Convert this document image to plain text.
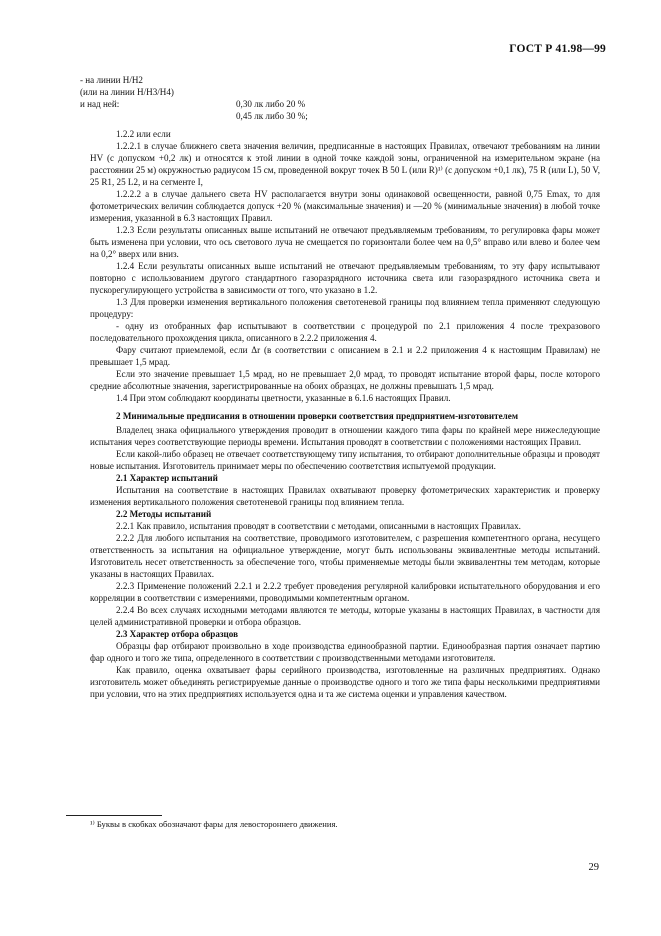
ГОСТ Р 41.98—99
- на линии H/H2
(или на линии H/H3/H4)
и над ней:	0,30 лк либо 20 %
0,45 лк либо 30 %;
1.2.2 или если
1.2.2.1 в случае ближнего света значения величин, предписанные в настоящих Правилах, отвечают требованиям на линии HV (с допуском +0,2 лк) и относятся к этой линии в одной точке каждой зоны, ограниченной на измерительном экране (на расстоянии 25 м) окружностью радиусом 15 см, проведенной вокруг точек B 50 L (или R)¹⁾ (с допуском +0,1 лк), 75 R (или L), 50 V, 25 R1, 25 L2, и на сегменте I,
1.2.2.2 а в случае дальнего света HV располагается внутри зоны одинаковой освещенности, равной 0,75 Emax, то для фотометрических величин соблюдается допуск +20 % (максимальные значения) и —20 % (минимальные значения) в любой точке измерения, указанной в 6.3 настоящих Правил.
1.2.3 Если результаты описанных выше испытаний не отвечают предъявляемым требованиям, то регулировка фары может быть изменена при условии, что ось светового луча не смещается по горизонтали более чем на 0,5° вправо или влево и более чем на 0,2° вверх или вниз.
1.2.4 Если результаты описанных выше испытаний не отвечают предъявляемым требованиям, то эту фару испытывают повторно с использованием другого стандартного газоразрядного источника света или газоразрядного источника света и пускорегулирующего устройства в зависимости от того, что указано в 1.2.
1.3 Для проверки изменения вертикального положения светотеневой границы под влиянием тепла применяют следующую процедуру:
- одну из отобранных фар испытывают в соответствии с процедурой по 2.1 приложения 4 после трехразового последовательного прохождения цикла, описанного в 2.2.2 приложения 4.
Фару считают приемлемой, если Δr (в соответствии с описанием в 2.1 и 2.2 приложения 4 к настоящим Правилам) не превышает 1,5 мрад.
Если это значение превышает 1,5 мрад, но не превышает 2,0 мрад, то проводят испытание второй фары, после которого средние абсолютные значения, зарегистрированные на обоих образцах, не должны превышать 1,5 мрад.
1.4 При этом соблюдают координаты цветности, указанные в 6.1.6 настоящих Правил.
2 Минимальные предписания в отношении проверки соответствия предприятием-изготовителем
Владелец знака официального утверждения проводит в отношении каждого типа фары по крайней мере нижеследующие испытания через соответствующие периоды времени. Испытания проводят в соответствии с положениями настоящих Правил.
Если какой-либо образец не отвечает соответствующему типу испытания, то отбирают дополнительные образцы и проводят новые испытания. Изготовитель принимает меры по обеспечению соответствия испытуемой продукции.
2.1 Характер испытаний
Испытания на соответствие в настоящих Правилах охватывают проверку фотометрических характеристик и проверку изменения вертикального положения светотеневой границы под влиянием тепла.
2.2 Методы испытаний
2.2.1 Как правило, испытания проводят в соответствии с методами, описанными в настоящих Правилах.
2.2.2 Для любого испытания на соответствие, проводимого изготовителем, с разрешения компетентного органа, несущего ответственность за испытания на официальное утверждение, могут быть использованы эквивалентные методы испытаний. Изготовитель несет ответственность за обеспечение того, чтобы применяемые методы были эквивалентны тем методам, которые указаны в настоящих Правилах.
2.2.3 Применение положений 2.2.1 и 2.2.2 требует проведения регулярной калибровки испытательного оборудования и его корреляции в соответствии с измерениями, проводимыми компетентным органом.
2.2.4 Во всех случаях исходными методами являются те методы, которые указаны в настоящих Правилах, в частности для целей административной проверки и отбора образцов.
2.3 Характер отбора образцов
Образцы фар отбирают произвольно в ходе производства единообразной партии. Единообразная партия означает партию фар одного и того же типа, определенного в соответствии с производственными методами изготовителя.
Как правило, оценка охватывает фары серийного производства, изготовленные на различных предприятиях. Однако изготовитель может объединять регистрируемые данные о производстве одного и того же типа фары несколькими предприятиями при условии, что на этих предприятиях используется одна и та же система оценки и управления качеством.
¹⁾ Буквы в скобках обозначают фары для левостороннего движения.
29
